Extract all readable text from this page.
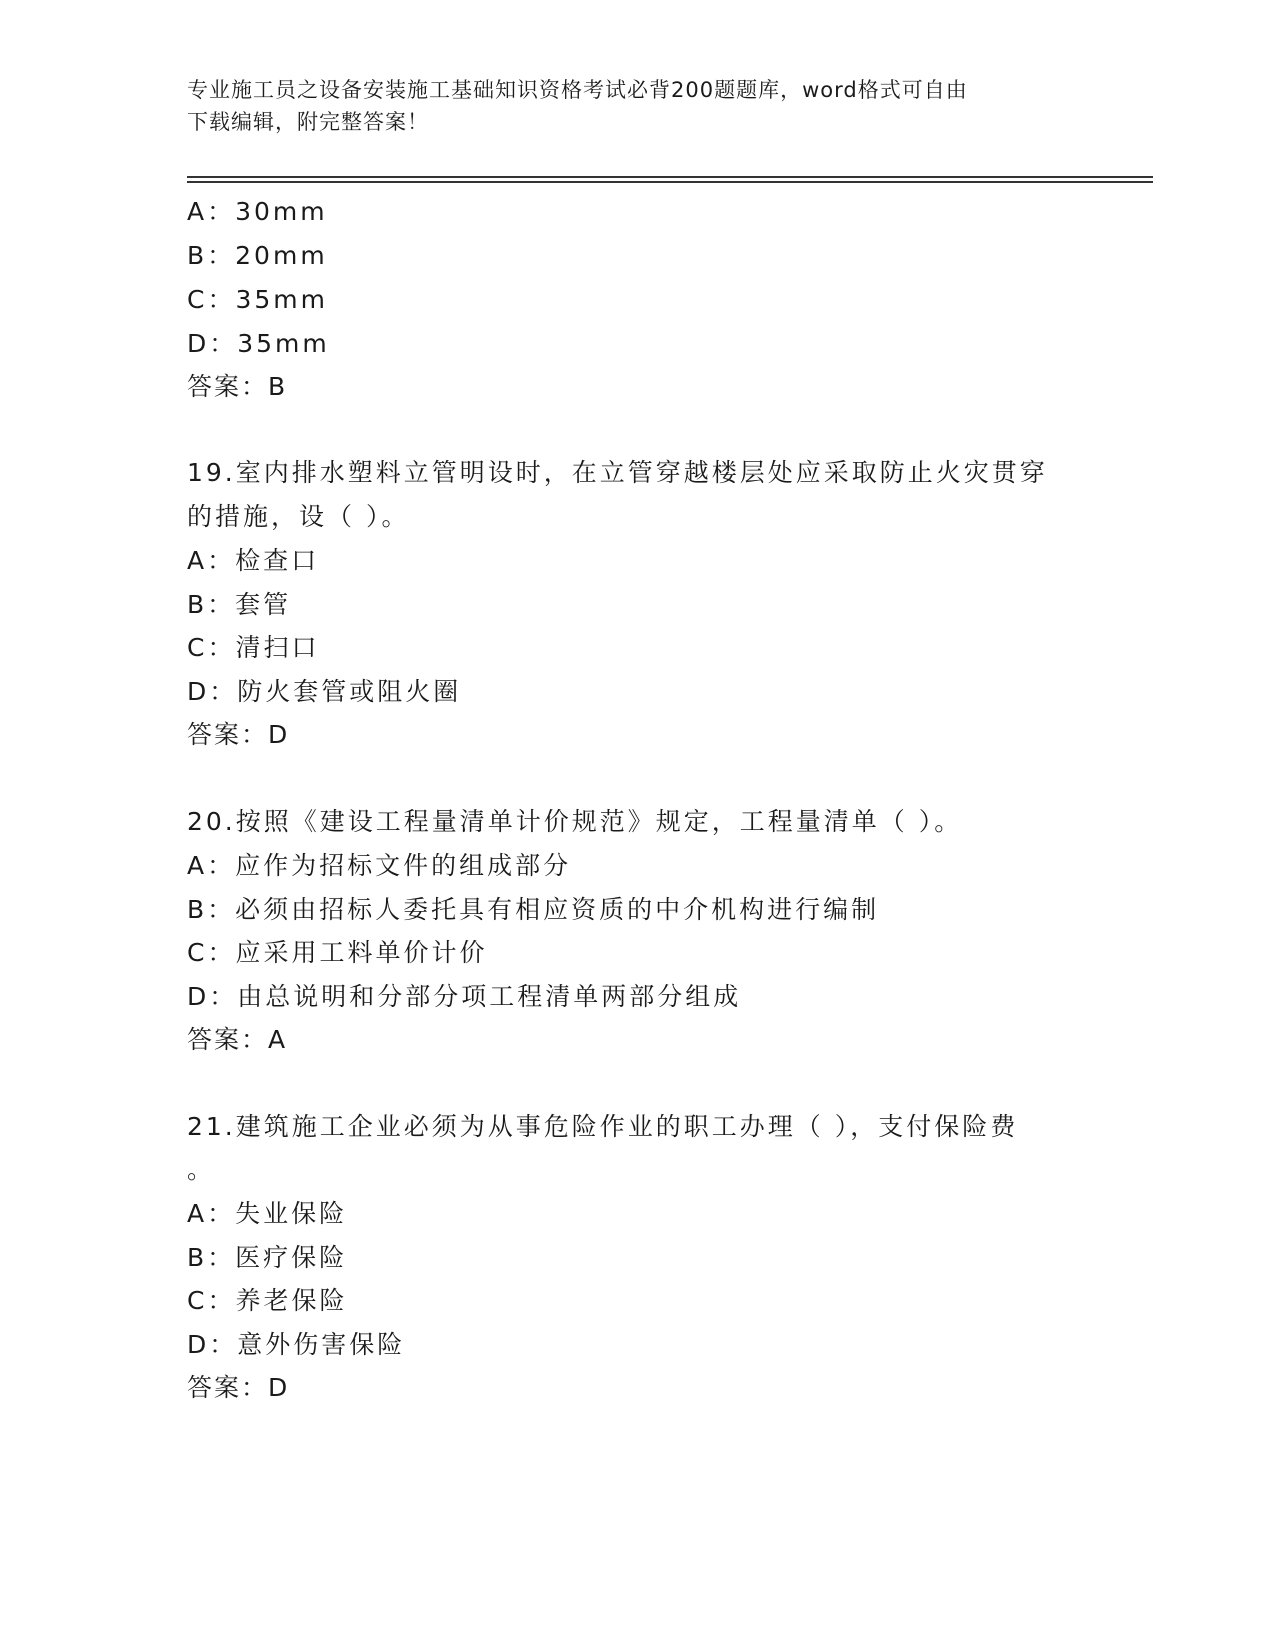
专业施工员之设备安装施工基础知识资格考试必背200题题库，word格式可自由
下载编辑，附完整答案！
A：30mm
B：20mm
C：35mm
D：35mm
答案：B
19.室内排水塑料立管明设时，在立管穿越楼层处应采取防止火灾贯穿
的措施，设（ ）。
A：检查口
B：套管
C：清扫口
D：防火套管或阻火圈
答案：D
20.按照《建设工程量清单计价规范》规定，工程量清单（ ）。
A：应作为招标文件的组成部分
B：必须由招标人委托具有相应资质的中介机构进行编制
C：应采用工料单价计价
D：由总说明和分部分项工程清单两部分组成
答案：A
21.建筑施工企业必须为从事危险作业的职工办理（ ），支付保险费
。
A：失业保险
B：医疗保险
C：养老保险
D：意外伤害保险
答案：D
